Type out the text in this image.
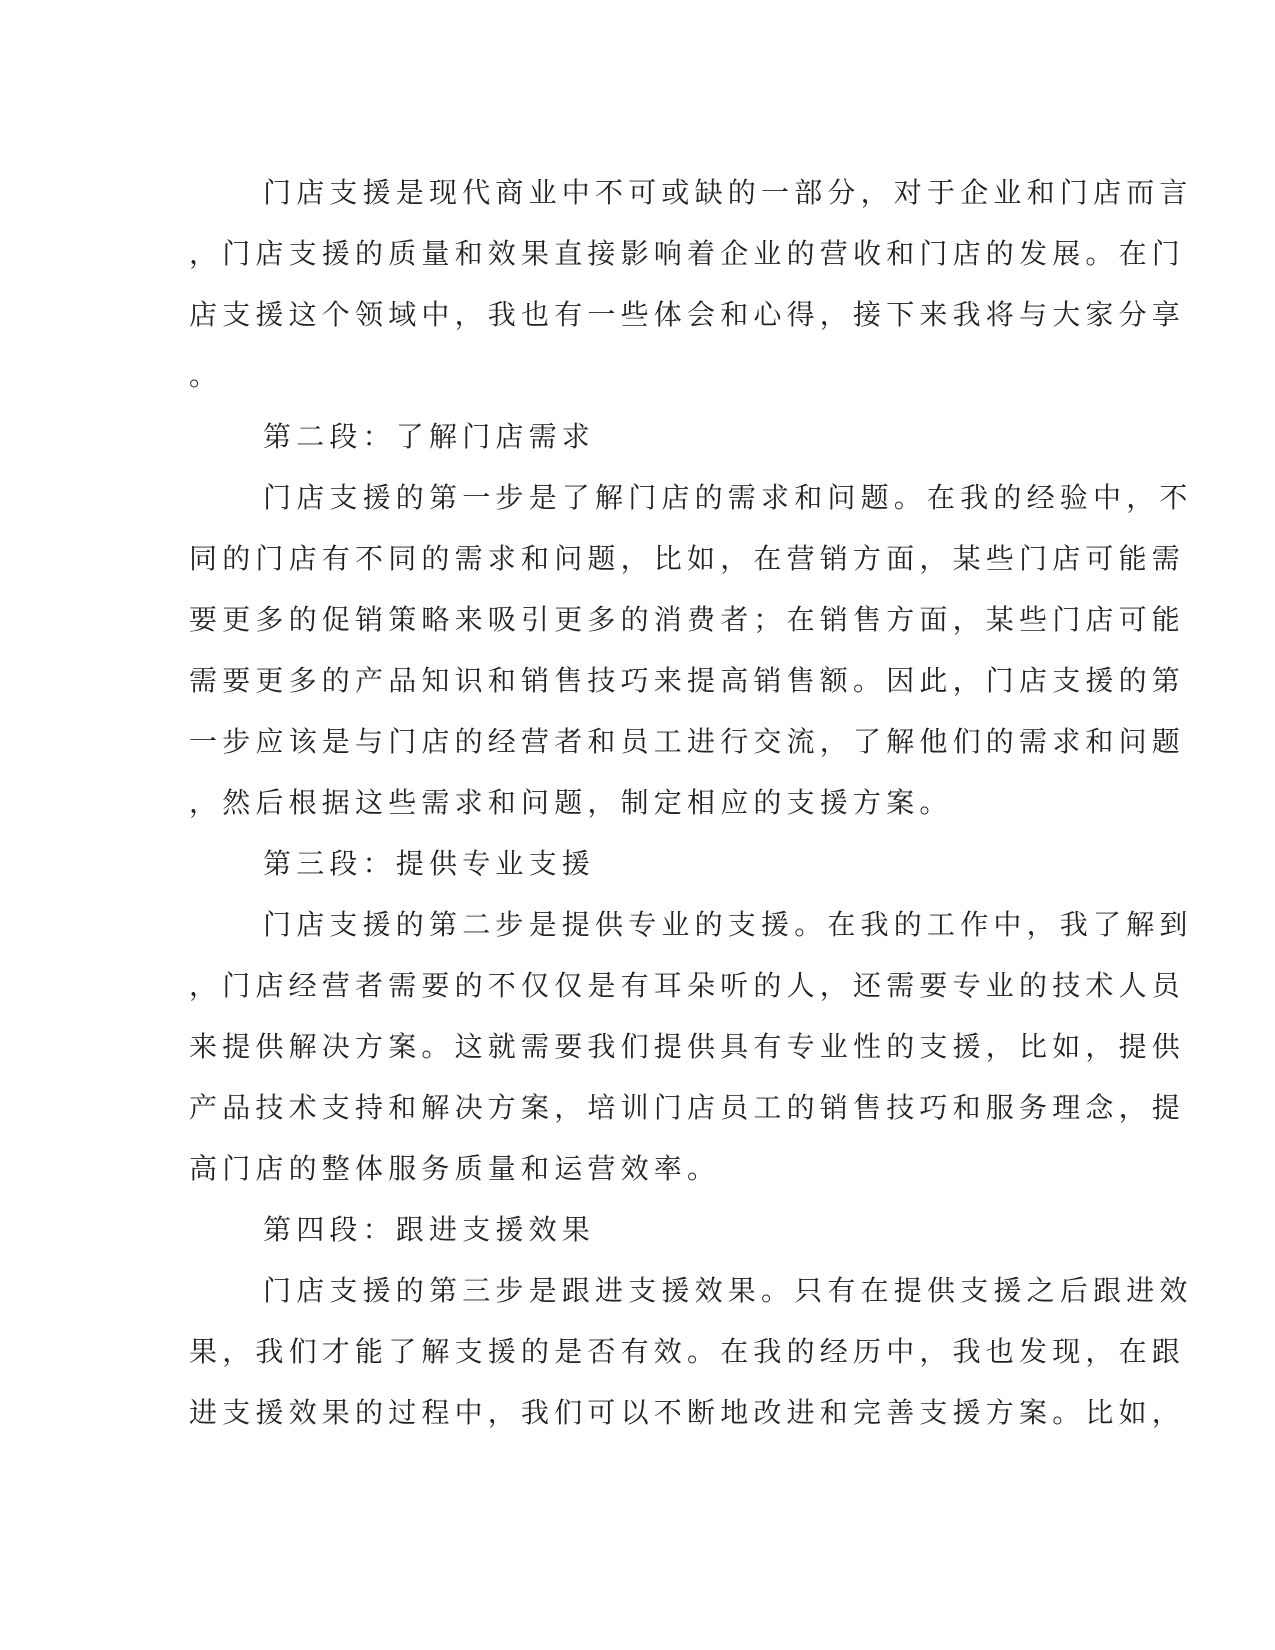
门店支援是现代商业中不可或缺的一部分，对于企业和门店而言
，门店支援的质量和效果直接影响着企业的营收和门店的发展。在门
店支援这个领域中，我也有一些体会和心得，接下来我将与大家分享
。
第二段：了解门店需求
门店支援的第一步是了解门店的需求和问题。在我的经验中，不
同的门店有不同的需求和问题，比如，在营销方面，某些门店可能需
要更多的促销策略来吸引更多的消费者；在销售方面，某些门店可能
需要更多的产品知识和销售技巧来提高销售额。因此，门店支援的第
一步应该是与门店的经营者和员工进行交流，了解他们的需求和问题
，然后根据这些需求和问题，制定相应的支援方案。
第三段：提供专业支援
门店支援的第二步是提供专业的支援。在我的工作中，我了解到
，门店经营者需要的不仅仅是有耳朵听的人，还需要专业的技术人员
来提供解决方案。这就需要我们提供具有专业性的支援，比如，提供
产品技术支持和解决方案，培训门店员工的销售技巧和服务理念，提
高门店的整体服务质量和运营效率。
第四段：跟进支援效果
门店支援的第三步是跟进支援效果。只有在提供支援之后跟进效
果，我们才能了解支援的是否有效。在我的经历中，我也发现，在跟
进支援效果的过程中，我们可以不断地改进和完善支援方案。比如，
